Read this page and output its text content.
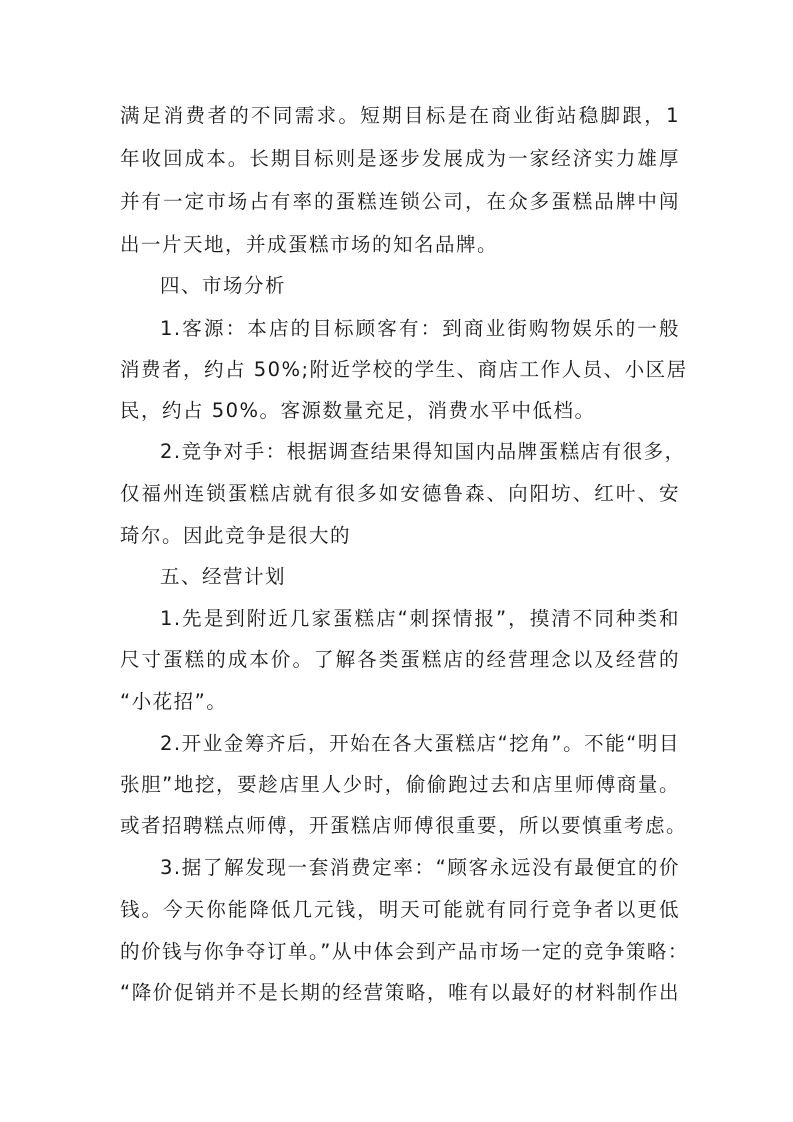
满足消费者的不同需求。短期目标是在商业街站稳脚跟，1
年收回成本。长期目标则是逐步发展成为一家经济实力雄厚
并有一定市场占有率的蛋糕连锁公司，在众多蛋糕品牌中闯
出一片天地，并成蛋糕市场的知名品牌。
四、市场分析
1.客源：本店的目标顾客有：到商业街购物娱乐的一般
消费者，约占 50%;附近学校的学生、商店工作人员、小区居
民，约占 50%。客源数量充足，消费水平中低档。
2.竞争对手：根据调查结果得知国内品牌蛋糕店有很多，
仅福州连锁蛋糕店就有很多如安德鲁森、向阳坊、红叶、安
琦尔。因此竞争是很大的
五、经营计划
1.先是到附近几家蛋糕店“刺探情报”，摸清不同种类和
尺寸蛋糕的成本价。了解各类蛋糕店的经营理念以及经营的
“小花招”。
2.开业金筹齐后，开始在各大蛋糕店“挖角”。不能“明目
张胆”地挖，要趁店里人少时，偷偷跑过去和店里师傅商量。
或者招聘糕点师傅，开蛋糕店师傅很重要，所以要慎重考虑。
3.据了解发现一套消费定率：“顾客永远没有最便宜的价
钱。今天你能降低几元钱，明天可能就有同行竞争者以更低
的价钱与你争夺订单。”从中体会到产品市场一定的竞争策略：
“降价促销并不是长期的经营策略，唯有以最好的材料制作出
